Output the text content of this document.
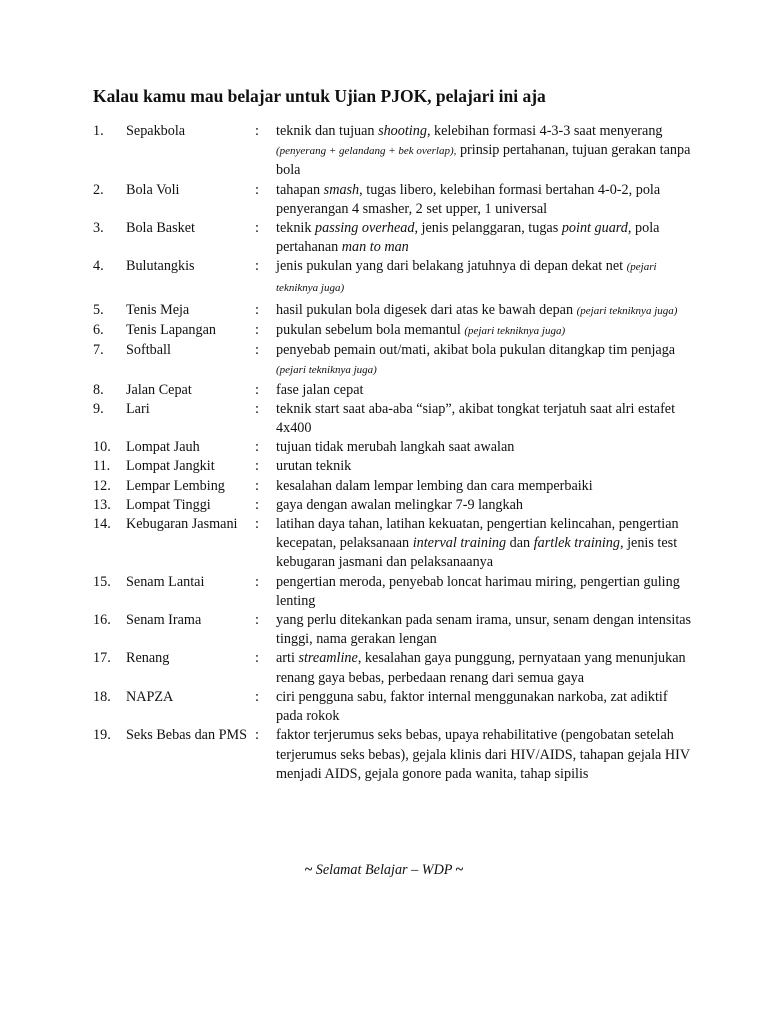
Kalau kamu mau belajar untuk Ujian PJOK, pelajari ini aja
1. Sepakbola	: teknik dan tujuan shooting, kelebihan formasi 4-3-3 saat menyerang (penyerang + gelandang + bek overlap), prinsip pertahanan, tujuan gerakan tanpa bola
2. Bola Voli	: tahapan smash, tugas libero, kelebihan formasi bertahan 4-0-2, pola penyerangan 4 smasher, 2 set upper, 1 universal
3. Bola Basket	: teknik passing overhead, jenis pelanggaran, tugas point guard, pola pertahanan man to man
4. Bulutangkis	: jenis pukulan yang dari belakang jatuhnya di depan dekat net (pejari tekniknya juga)
5. Tenis Meja	: hasil pukulan bola digesek dari atas ke bawah depan (pejari tekniknya juga)
6. Tenis Lapangan	: pukulan sebelum bola memantul (pejari tekniknya juga)
7. Softball	: penyebab pemain out/mati, akibat bola pukulan ditangkap tim penjaga (pejari tekniknya juga)
8. Jalan Cepat	: fase jalan cepat
9. Lari	: teknik start saat aba-aba “siap”, akibat tongkat terjatuh saat alri estafet 4x400
10. Lompat Jauh	: tujuan tidak merubah langkah saat awalan
11. Lompat Jangkit	: urutan teknik
12. Lempar Lembing	: kesalahan dalam lempar lembing dan cara memperbaiki
13. Lompat Tinggi	: gaya dengan awalan melingkar 7-9 langkah
14. Kebugaran Jasmani	: latihan daya tahan, latihan kekuatan, pengertian kelincahan, pengertian kecepatan, pelaksanaan interval training dan fartlek training, jenis test kebugaran jasmani dan pelaksanaanya
15. Senam Lantai	: pengertian meroda, penyebab loncat harimau miring, pengertian guling lenting
16. Senam Irama	: yang perlu ditekankan pada senam irama, unsur, senam dengan intensitas tinggi, nama gerakan lengan
17. Renang	: arti streamline, kesalahan gaya punggung, pernyataan yang menunjukan renang gaya bebas, perbedaan renang dari semua gaya
18. NAPZA	: ciri pengguna sabu, faktor internal menggunakan narkoba, zat adiktif pada rokok
19. Seks Bebas dan PMS : faktor terjerumus seks bebas, upaya rehabilitative (pengobatan setelah terjerumus seks bebas), gejala klinis dari HIV/AIDS, tahapan gejala HIV menjadi AIDS, gejala gonore pada wanita, tahap sipilis
~ Selamat Belajar – WDP ~
